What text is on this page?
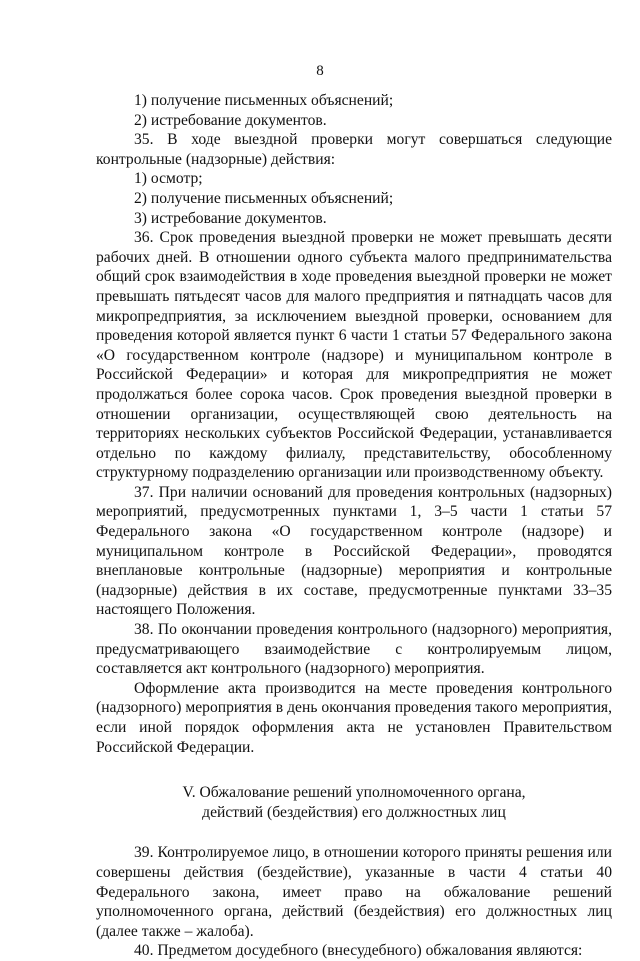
8

1) получение письменных объяснений;

2) истребование документов.

35. В ходе выездной проверки могут совершаться следующие контрольные (надзорные) действия:

1) осмотр;

2) получение письменных объяснений;

3) истребование документов.

36. Срок проведения выездной проверки не может превышать десяти рабочих дней. В отношении одного субъекта малого предпринимательства общий срок взаимодействия в ходе проведения выездной проверки не может превышать пятьдесят часов для малого предприятия и пятнадцать часов для микропредприятия, за исключением выездной проверки, основанием для проведения которой является пункт 6 части 1 статьи 57 Федерального закона «О государственном контроле (надзоре) и муниципальном контроле в Российской Федерации» и которая для микропредприятия не может продолжаться более сорока часов. Срок проведения выездной проверки в отношении организации, осуществляющей свою деятельность на территориях нескольких субъектов Российской Федерации, устанавливается отдельно по каждому филиалу, представительству, обособленному структурному подразделению организации или производственному объекту.

37. При наличии оснований для проведения контрольных (надзорных) мероприятий, предусмотренных пунктами 1, 3–5 части 1 статьи 57 Федерального закона «О государственном контроле (надзоре) и муниципальном контроле в Российской Федерации», проводятся внеплановые контрольные (надзорные) мероприятия и контрольные (надзорные) действия в их составе, предусмотренные пунктами 33–35 настоящего Положения.

38. По окончании проведения контрольного (надзорного) мероприятия, предусматривающего взаимодействие с контролируемым лицом, составляется акт контрольного (надзорного) мероприятия.

Оформление акта производится на месте проведения контрольного (надзорного) мероприятия в день окончания проведения такого мероприятия, если иной порядок оформления акта не установлен Правительством Российской Федерации.

V. Обжалование решений уполномоченного органа,
действий (бездействия) его должностных лиц

39. Контролируемое лицо, в отношении которого приняты решения или совершены действия (бездействие), указанные в части 4 статьи 40 Федерального закона, имеет право на обжалование решений уполномоченного органа, действий (бездействия) его должностных лиц (далее также – жалоба).

40. Предметом досудебного (внесудебного) обжалования являются:
